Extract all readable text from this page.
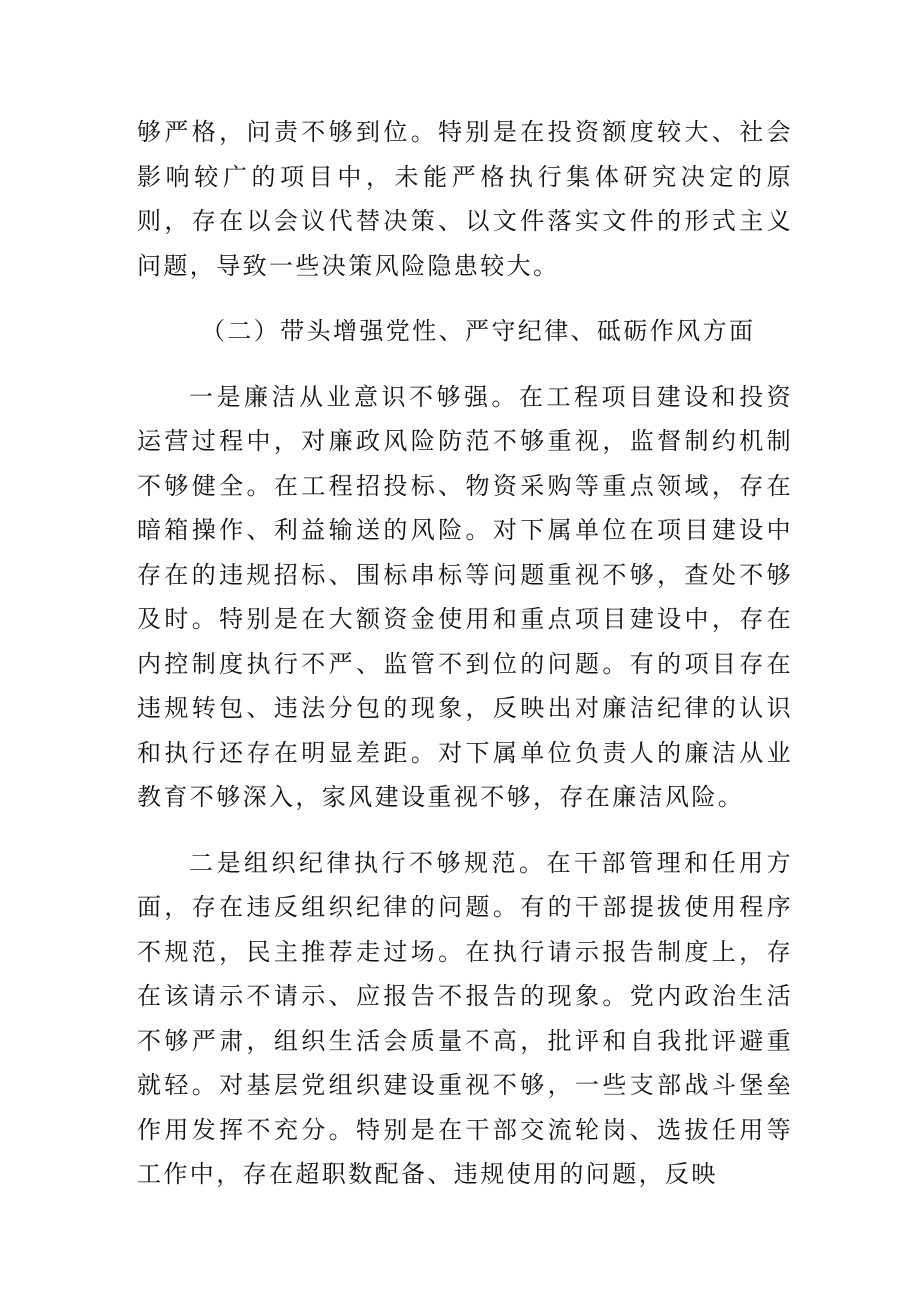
够严格，问责不够到位。特别是在投资额度较大、社会影响较广的项目中，未能严格执行集体研究决定的原则，存在以会议代替决策、以文件落实文件的形式主义问题，导致一些决策风险隐患较大。

（二）带头增强党性、严守纪律、砥砺作风方面

一是廉洁从业意识不够强。在工程项目建设和投资运营过程中，对廉政风险防范不够重视，监督制约机制不够健全。在工程招投标、物资采购等重点领域，存在暗箱操作、利益输送的风险。对下属单位在项目建设中存在的违规招标、围标串标等问题重视不够，查处不够及时。特别是在大额资金使用和重点项目建设中，存在内控制度执行不严、监管不到位的问题。有的项目存在违规转包、违法分包的现象，反映出对廉洁纪律的认识和执行还存在明显差距。对下属单位负责人的廉洁从业教育不够深入，家风建设重视不够，存在廉洁风险。

二是组织纪律执行不够规范。在干部管理和任用方面，存在违反组织纪律的问题。有的干部提拔使用程序不规范，民主推荐走过场。在执行请示报告制度上，存在该请示不请示、应报告不报告的现象。党内政治生活不够严肃，组织生活会质量不高，批评和自我批评避重就轻。对基层党组织建设重视不够，一些支部战斗堡垒作用发挥不充分。特别是在干部交流轮岗、选拔任用等工作中，存在超职数配备、违规使用的问题，反映
